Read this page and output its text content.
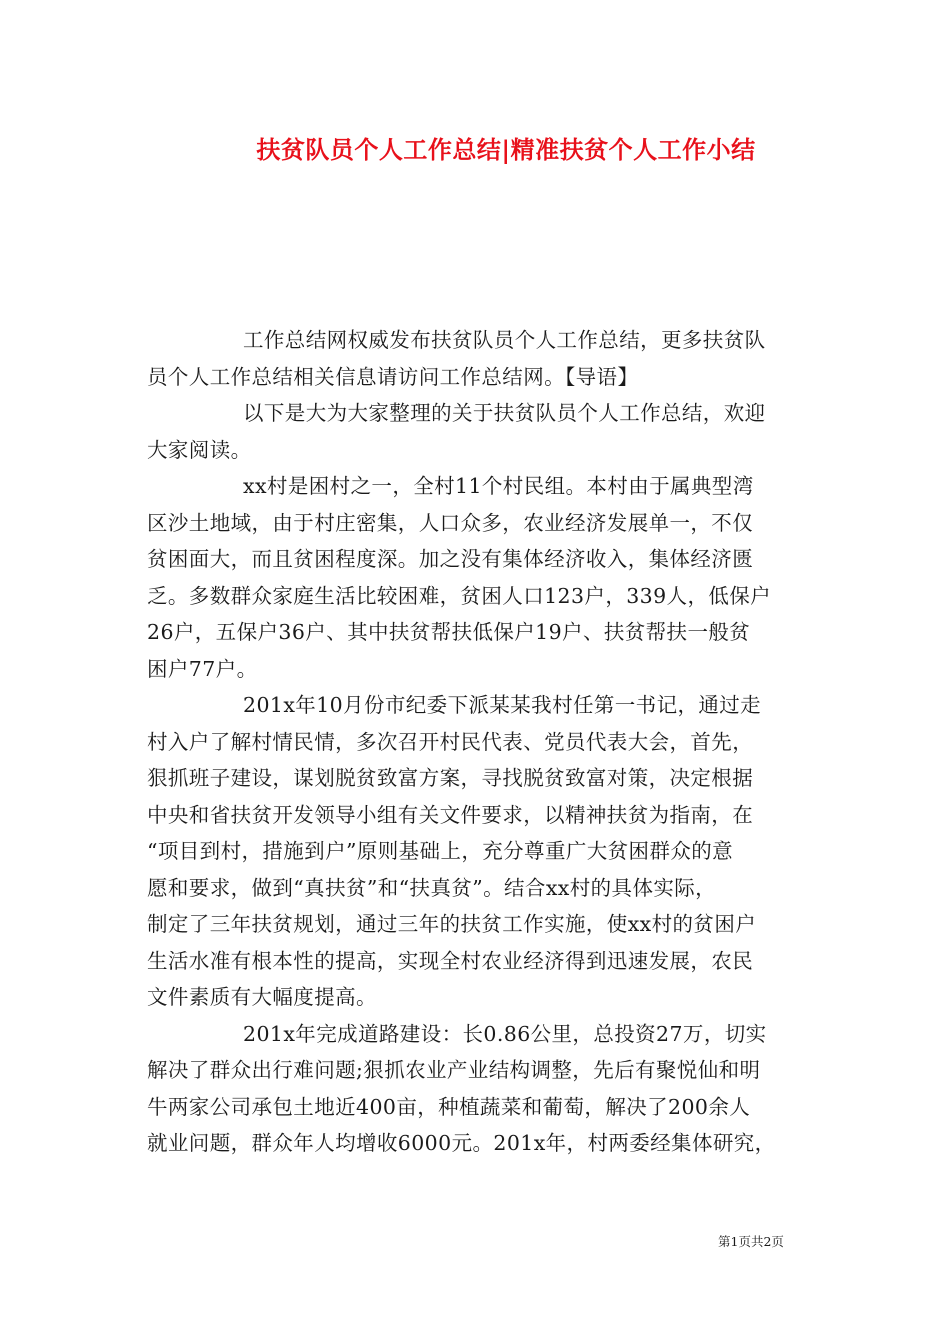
扶贫队员个人工作总结|精准扶贫个人工作小结

工作总结网权威发布扶贫队员个人工作总结，更多扶贫队
员个人工作总结相关信息请访问工作总结网。【导语】

以下是大为大家整理的关于扶贫队员个人工作总结，欢迎
大家阅读。

xx村是困村之一，全村11个村民组。本村由于属典型湾
区沙土地域，由于村庄密集，人口众多，农业经济发展单一，不仅
贫困面大，而且贫困程度深。加之没有集体经济收入，集体经济匮
乏。多数群众家庭生活比较困难，贫困人口123户，339人，低保户
26户，五保户36户、其中扶贫帮扶低保户19户、扶贫帮扶一般贫
困户77户。

201x年10月份市纪委下派某某我村任第一书记，通过走
村入户了解村情民情，多次召开村民代表、党员代表大会，首先，
狠抓班子建设，谋划脱贫致富方案，寻找脱贫致富对策，决定根据
中央和省扶贫开发领导小组有关文件要求，以精神扶贫为指南，在
“项目到村，措施到户”原则基础上，充分尊重广大贫困群众的意
愿和要求，做到“真扶贫”和“扶真贫”。结合xx村的具体实际，
制定了三年扶贫规划，通过三年的扶贫工作实施，使xx村的贫困户
生活水准有根本性的提高，实现全村农业经济得到迅速发展，农民
文件素质有大幅度提高。

201x年完成道路建设：长0.86公里，总投资27万，切实
解决了群众出行难问题;狠抓农业产业结构调整，先后有聚悦仙和明
牛两家公司承包土地近400亩，种植蔬菜和葡萄，解决了200余人
就业问题，群众年人均增收6000元。201x年，村两委经集体研究，

第1页共2页
